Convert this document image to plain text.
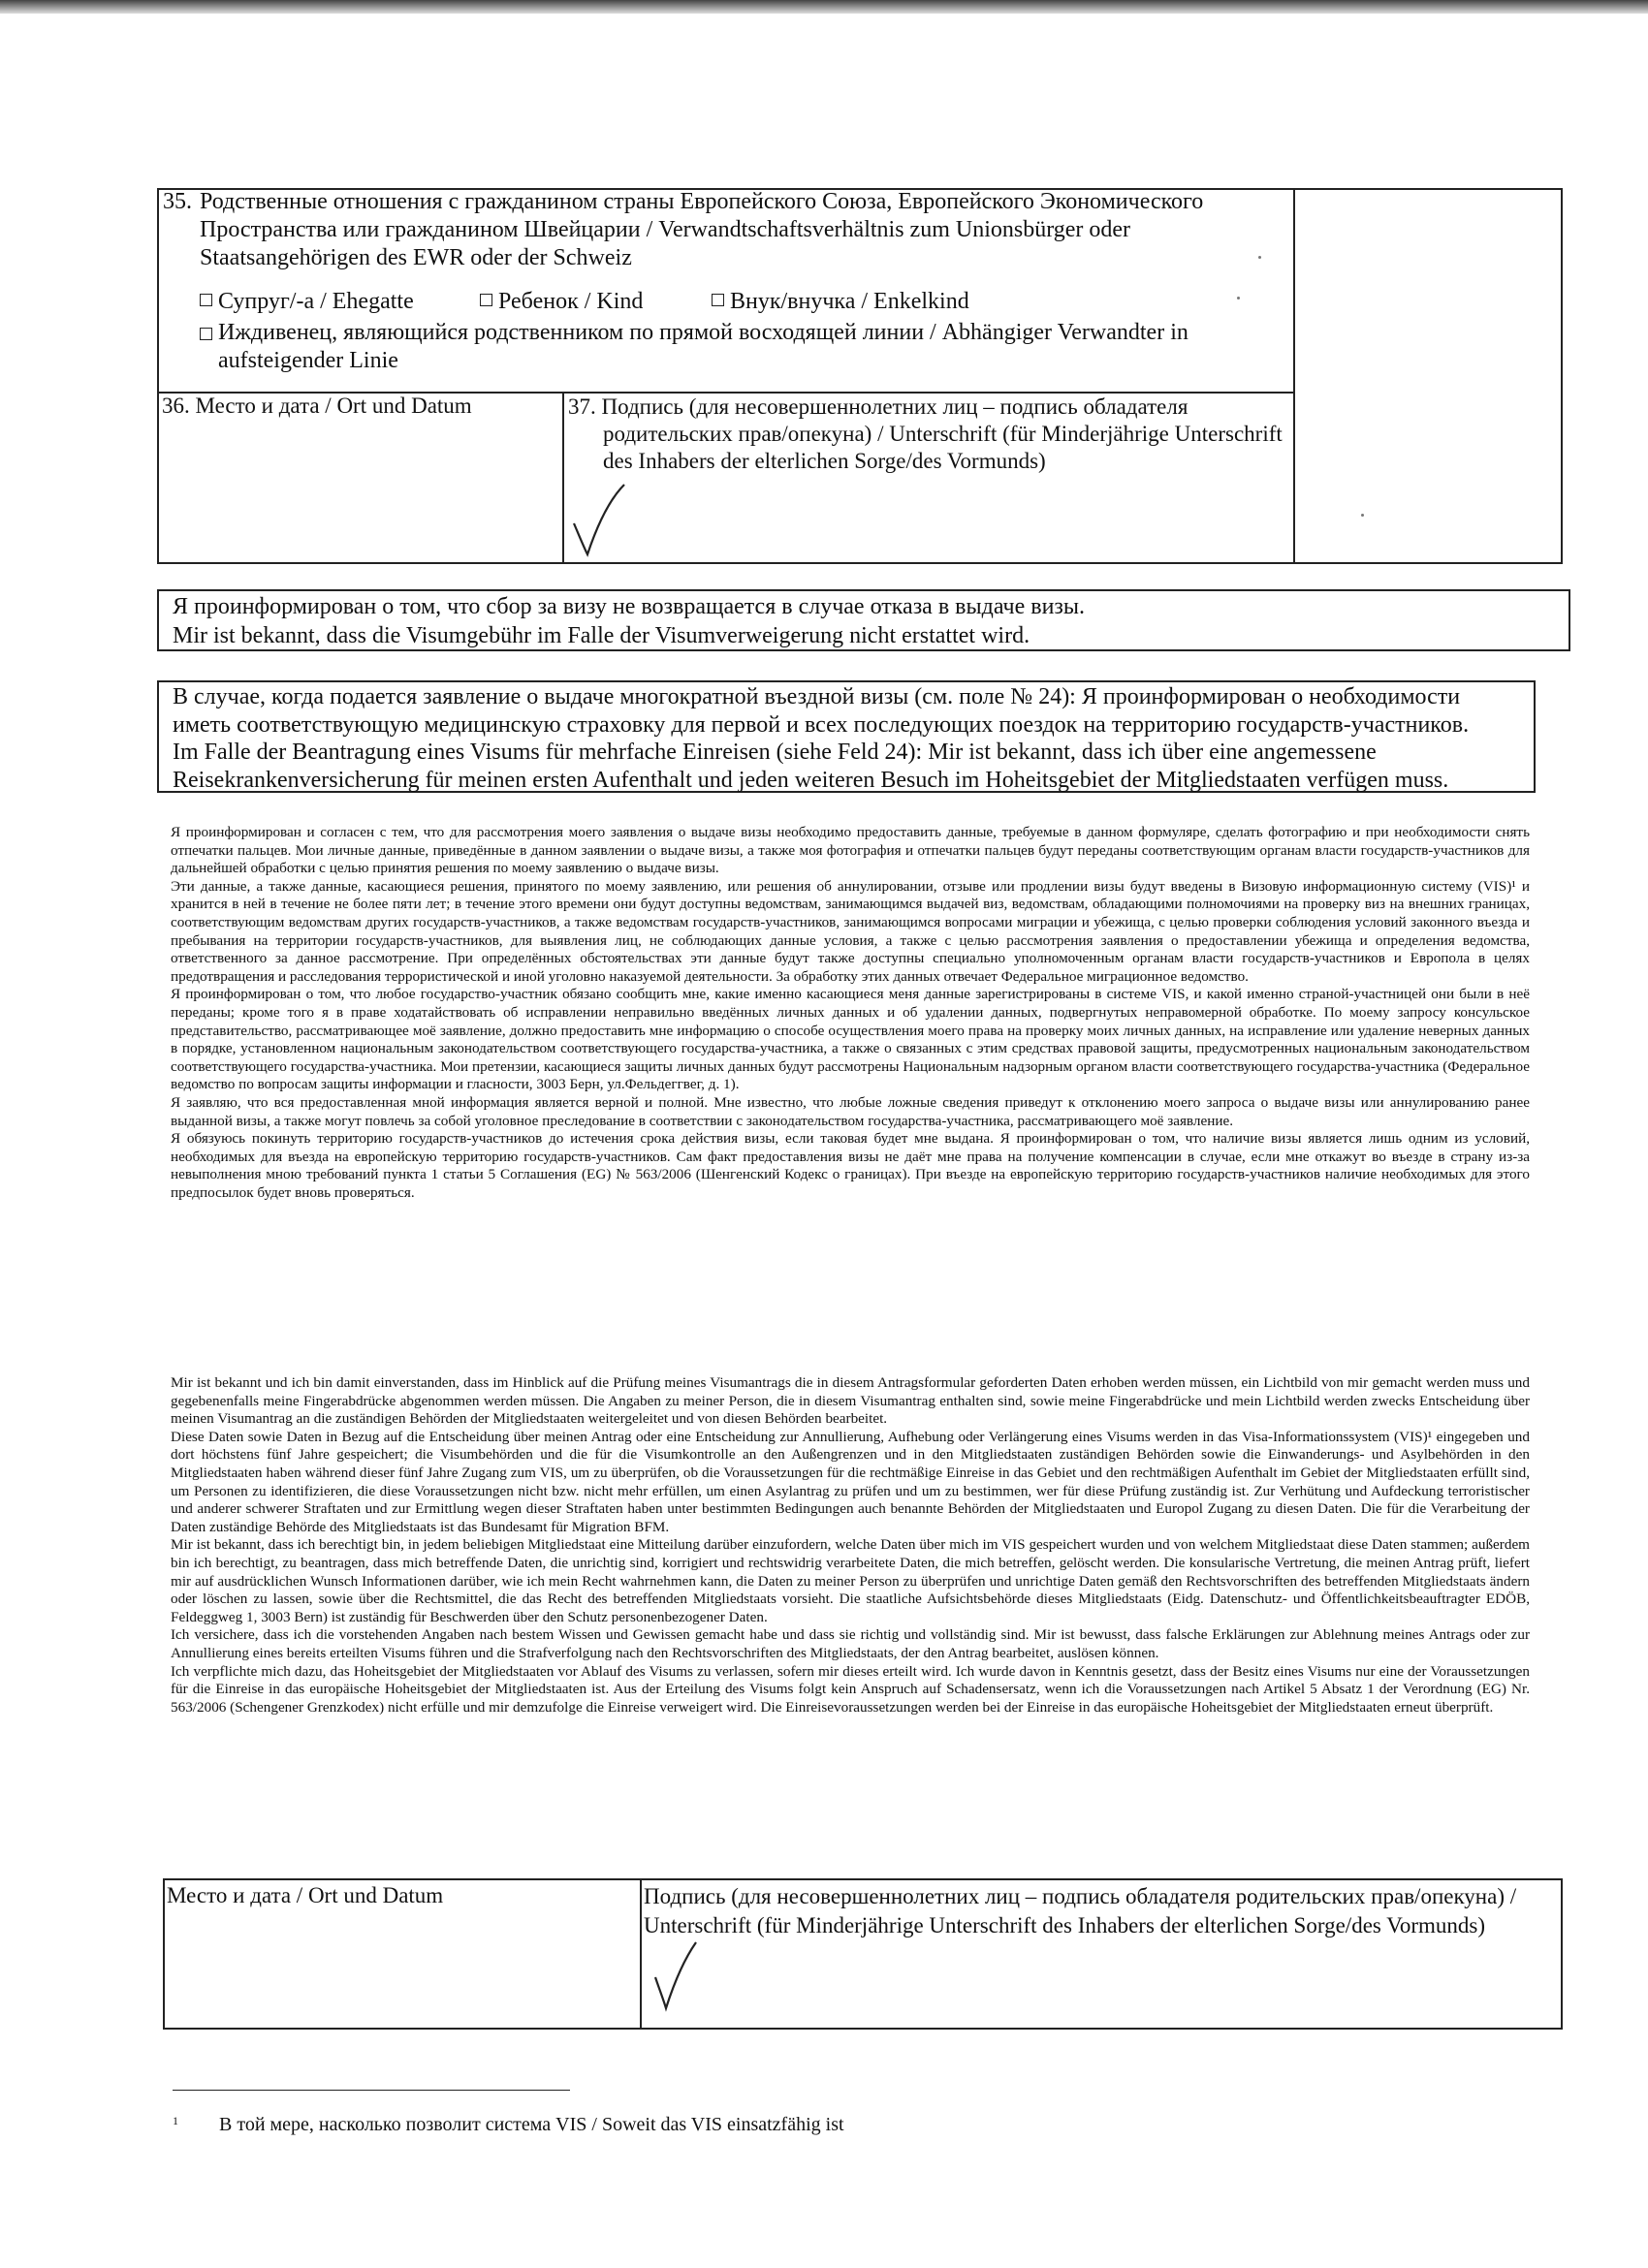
35. Родственные отношения с гражданином страны Европейского Союза, Европейского Экономического Пространства или гражданином Швейцарии / Verwandtschaftsverhältnis zum Unionsbürger oder Staatsangehörigen des EWR oder der Schweiz
Супруг/-а / Ehegatte	Ребенок / Kind	Внук/внучка / Enkelkind
Иждивенец, являющийся родственником по прямой восходящей линии / Abhängiger Verwandter in aufsteigender Linie
36. Место и дата / Ort und Datum	37. Подпись (для несовершеннолетних лиц – подпись обладателя родительских прав/опекуна) / Unterschrift (für Minderjährige Unterschrift des Inhabers der elterlichen Sorge/des Vormunds)
Я проинформирован о том, что сбор за визу не возвращается в случае отказа в выдаче визы.
Mir ist bekannt, dass die Visumgebühr im Falle der Visumverweigerung nicht erstattet wird.
В случае, когда подается заявление о выдаче многократной въездной визы (см. поле № 24): Я проинформирован о необходимости иметь соответствующую медицинскую страховку для первой и всех последующих поездок на территорию государств-участников.
Im Falle der Beantragung eines Visums für mehrfache Einreisen (siehe Feld 24): Mir ist bekannt, dass ich über eine angemessene Reisekrankenversicherung für meinen ersten Aufenthalt und jeden weiteren Besuch im Hoheitsgebiet der Mitgliedstaaten verfügen muss.

Я проинформирован и согласен с тем, что для рассмотрения моего заявления о выдаче визы необходимо предоставить данные, требуемые в данном формуляре, сделать фотографию и при необходимости снять отпечатки пальцев. Мои личные данные, приведённые в данном заявлении о выдаче визы, а также моя фотография и отпечатки пальцев будут переданы соответствующим органам власти государств-участников для дальнейшей обработки с целью принятия решения по моему заявлению о выдаче визы.

Эти данные, а также данные, касающиеся решения, принятого по моему заявлению, или решения об аннулировании, отзыве или продлении визы будут введены в Визовую информационную систему (VIS)¹ и хранится в ней в течение не более пяти лет; в течение этого времени они будут доступны ведомствам, занимающимся выдачей виз, ведомствам, обладающими полномочиями на проверку виз на внешних границах, соответствующим ведомствам других государств-участников, а также ведомствам государств-участников, занимающимся вопросами миграции и убежища, с целью проверки соблюдения условий законного въезда и пребывания на территории государств-участников, для выявления лиц, не соблюдающих данные условия, а также с целью рассмотрения заявления о предоставлении убежища и определения ведомства, ответственного за данное рассмотрение. При определённых обстоятельствах эти данные будут также доступны специально уполномоченным органам власти государств-участников и Европола в целях предотвращения и расследования террористической и иной уголовно наказуемой деятельности. За обработку этих данных отвечает Федеральное миграционное ведомство.

Я проинформирован о том, что любое государство-участник обязано сообщить мне, какие именно касающиеся меня данные зарегистрированы в системе VIS, и какой именно страной-участницей они были в неё переданы; кроме того я в праве ходатайствовать об исправлении неправильно введённых личных данных и об удалении данных, подвергнутых неправомерной обработке. По моему запросу консульское представительство, рассматривающее моё заявление, должно предоставить мне информацию о способе осуществления моего права на проверку моих личных данных, на исправление или удаление неверных данных в порядке, установленном национальным законодательством соответствующего государства-участника, а также о связанных с этим средствах правовой защиты, предусмотренных национальным законодательством соответствующего государства-участника. Мои претензии, касающиеся защиты личных данных будут рассмотрены Национальным надзорным органом власти соответствующего государства-участника (Федеральное ведомство по вопросам защиты информации и гласности, 3003 Берн, ул.Фельдеггвег, д. 1).

Я заявляю, что вся предоставленная мной информация является верной и полной. Мне известно, что любые ложные сведения приведут к отклонению моего запроса о выдаче визы или аннулированию ранее выданной визы, а также могут повлечь за собой уголовное преследование в соответствии с законодательством государства-участника, рассматривающего моё заявление.

Я обязуюсь покинуть территорию государств-участников до истечения срока действия визы, если таковая будет мне выдана. Я проинформирован о том, что наличие визы является лишь одним из условий, необходимых для въезда на европейскую территорию государств-участников. Сам факт предоставления визы не даёт мне права на получение компенсации в случае, если мне откажут во въезде в страну из-за невыполнения мною требований пункта 1 статьи 5 Соглашения (EG) № 563/2006 (Шенгенский Кодекс о границах). При въезде на европейскую территорию государств-участников наличие необходимых для этого предпосылок будет вновь проверяться.

Mir ist bekannt und ich bin damit einverstanden, dass im Hinblick auf die Prüfung meines Visumantrags die in diesem Antragsformular geforderten Daten erhoben werden müssen, ein Lichtbild von mir gemacht werden muss und gegebenenfalls meine Fingerabdrücke abgenommen werden müssen. Die Angaben zu meiner Person, die in diesem Visumantrag enthalten sind, sowie meine Fingerabdrücke und mein Lichtbild werden zwecks Entscheidung über meinen Visumantrag an die zuständigen Behörden der Mitgliedstaaten weitergeleitet und von diesen Behörden bearbeitet.

Diese Daten sowie Daten in Bezug auf die Entscheidung über meinen Antrag oder eine Entscheidung zur Annullierung, Aufhebung oder Verlängerung eines Visums werden in das Visa-Informationssystem (VIS)¹ eingegeben und dort höchstens fünf Jahre gespeichert; die Visumbehörden und die für die Visumkontrolle an den Außengrenzen und in den Mitgliedstaaten zuständigen Behörden sowie die Einwanderungs- und Asylbehörden in den Mitgliedstaaten haben während dieser fünf Jahre Zugang zum VIS, um zu überprüfen, ob die Voraussetzungen für die rechtmäßige Einreise in das Gebiet und den rechtmäßigen Aufenthalt im Gebiet der Mitgliedstaaten erfüllt sind, um Personen zu identifizieren, die diese Voraussetzungen nicht bzw. nicht mehr erfüllen, um einen Asylantrag zu prüfen und um zu bestimmen, wer für diese Prüfung zuständig ist. Zur Verhütung und Aufdeckung terroristischer und anderer schwerer Straftaten und zur Ermittlung wegen dieser Straftaten haben unter bestimmten Bedingungen auch benannte Behörden der Mitgliedstaaten und Europol Zugang zu diesen Daten. Die für die Verarbeitung der Daten zuständige Behörde des Mitgliedstaats ist das Bundesamt für Migration BFM.

Mir ist bekannt, dass ich berechtigt bin, in jedem beliebigen Mitgliedstaat eine Mitteilung darüber einzufordern, welche Daten über mich im VIS gespeichert wurden und von welchem Mitgliedstaat diese Daten stammen; außerdem bin ich berechtigt, zu beantragen, dass mich betreffende Daten, die unrichtig sind, korrigiert und rechtswidrig verarbeitete Daten, die mich betreffen, gelöscht werden. Die konsularische Vertretung, die meinen Antrag prüft, liefert mir auf ausdrücklichen Wunsch Informationen darüber, wie ich mein Recht wahrnehmen kann, die Daten zu meiner Person zu überprüfen und unrichtige Daten gemäß den Rechtsvorschriften des betreffenden Mitgliedstaats ändern oder löschen zu lassen, sowie über die Rechtsmittel, die das Recht des betreffenden Mitgliedstaats vorsieht. Die staatliche Aufsichtsbehörde dieses Mitgliedstaats (Eidg. Datenschutz- und Öffentlichkeitsbeauftragter EDÖB, Feldeggweg 1, 3003 Bern) ist zuständig für Beschwerden über den Schutz personenbezogener Daten.

Ich versichere, dass ich die vorstehenden Angaben nach bestem Wissen und Gewissen gemacht habe und dass sie richtig und vollständig sind. Mir ist bewusst, dass falsche Erklärungen zur Ablehnung meines Antrags oder zur Annullierung eines bereits erteilten Visums führen und die Strafverfolgung nach den Rechtsvorschriften des Mitgliedstaats, der den Antrag bearbeitet, auslösen können.

Ich verpflichte mich dazu, das Hoheitsgebiet der Mitgliedstaaten vor Ablauf des Visums zu verlassen, sofern mir dieses erteilt wird. Ich wurde davon in Kenntnis gesetzt, dass der Besitz eines Visums nur eine der Voraussetzungen für die Einreise in das europäische Hoheitsgebiet der Mitgliedstaaten ist. Aus der Erteilung des Visums folgt kein Anspruch auf Schadensersatz, wenn ich die Voraussetzungen nach Artikel 5 Absatz 1 der Verordnung (EG) Nr. 563/2006 (Schengener Grenzkodex) nicht erfülle und mir demzufolge die Einreise verweigert wird. Die Einreisevoraussetzungen werden bei der Einreise in das europäische Hoheitsgebiet der Mitgliedstaaten erneut überprüft.

Место и дата / Ort und Datum	Подпись (для несовершеннолетних лиц – подпись обладателя родительских прав/опекуна) / Unterschrift (für Minderjährige Unterschrift des Inhabers der elterlichen Sorge/des Vormunds)
$^1$ В той мере, насколько позволит система VIS / Soweit das VIS einsatzfähig ist
